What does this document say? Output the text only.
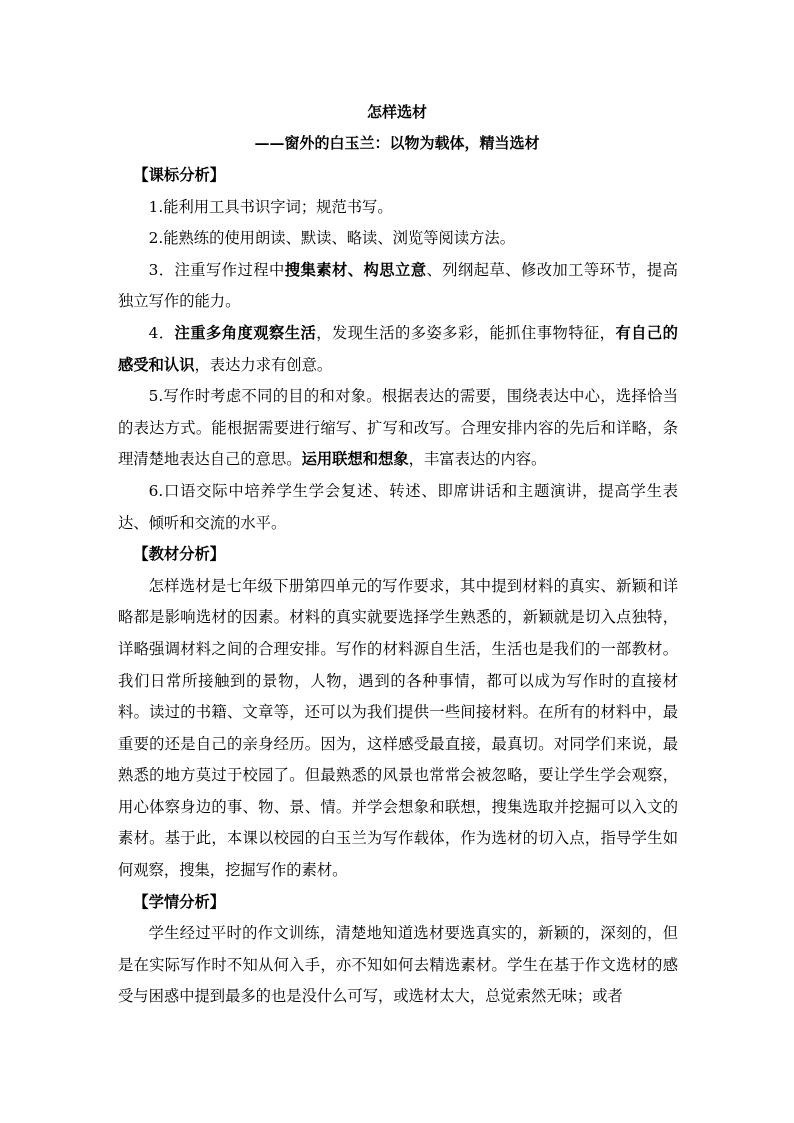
怎样选材
——窗外的白玉兰：以物为载体，精当选材

【课标分析】

1.能利用工具书识字词；规范书写。

2.能熟练的使用朗读、默读、略读、浏览等阅读方法。

3．注重写作过程中搜集素材、构思立意、列纲起草、修改加工等环节，提高独立写作的能力。

4．注重多角度观察生活，发现生活的多姿多彩，能抓住事物特征，有自己的感受和认识，表达力求有创意。

5.写作时考虑不同的目的和对象。根据表达的需要，围绕表达中心，选择恰当的表达方式。能根据需要进行缩写、扩写和改写。合理安排内容的先后和详略，条理清楚地表达自己的意思。运用联想和想象，丰富表达的内容。

6.口语交际中培养学生学会复述、转述、即席讲话和主题演讲，提高学生表达、倾听和交流的水平。

【教材分析】

怎样选材是七年级下册第四单元的写作要求，其中提到材料的真实、新颖和详略都是影响选材的因素。材料的真实就要选择学生熟悉的，新颖就是切入点独特，详略强调材料之间的合理安排。写作的材料源自生活，生活也是我们的一部教材。我们日常所接触到的景物，人物，遇到的各种事情，都可以成为写作时的直接材料。读过的书籍、文章等，还可以为我们提供一些间接材料。在所有的材料中，最重要的还是自己的亲身经历。因为，这样感受最直接，最真切。对同学们来说，最熟悉的地方莫过于校园了。但最熟悉的风景也常常会被忽略，要让学生学会观察，用心体察身边的事、物、景、情。并学会想象和联想，搜集选取并挖掘可以入文的素材。基于此，本课以校园的白玉兰为写作载体，作为选材的切入点，指导学生如何观察，搜集，挖掘写作的素材。

【学情分析】

学生经过平时的作文训练，清楚地知道选材要选真实的，新颖的，深刻的，但是在实际写作时不知从何入手，亦不知如何去精选素材。学生在基于作文选材的感受与困惑中提到最多的也是没什么可写，或选材太大，总觉索然无味；或者
